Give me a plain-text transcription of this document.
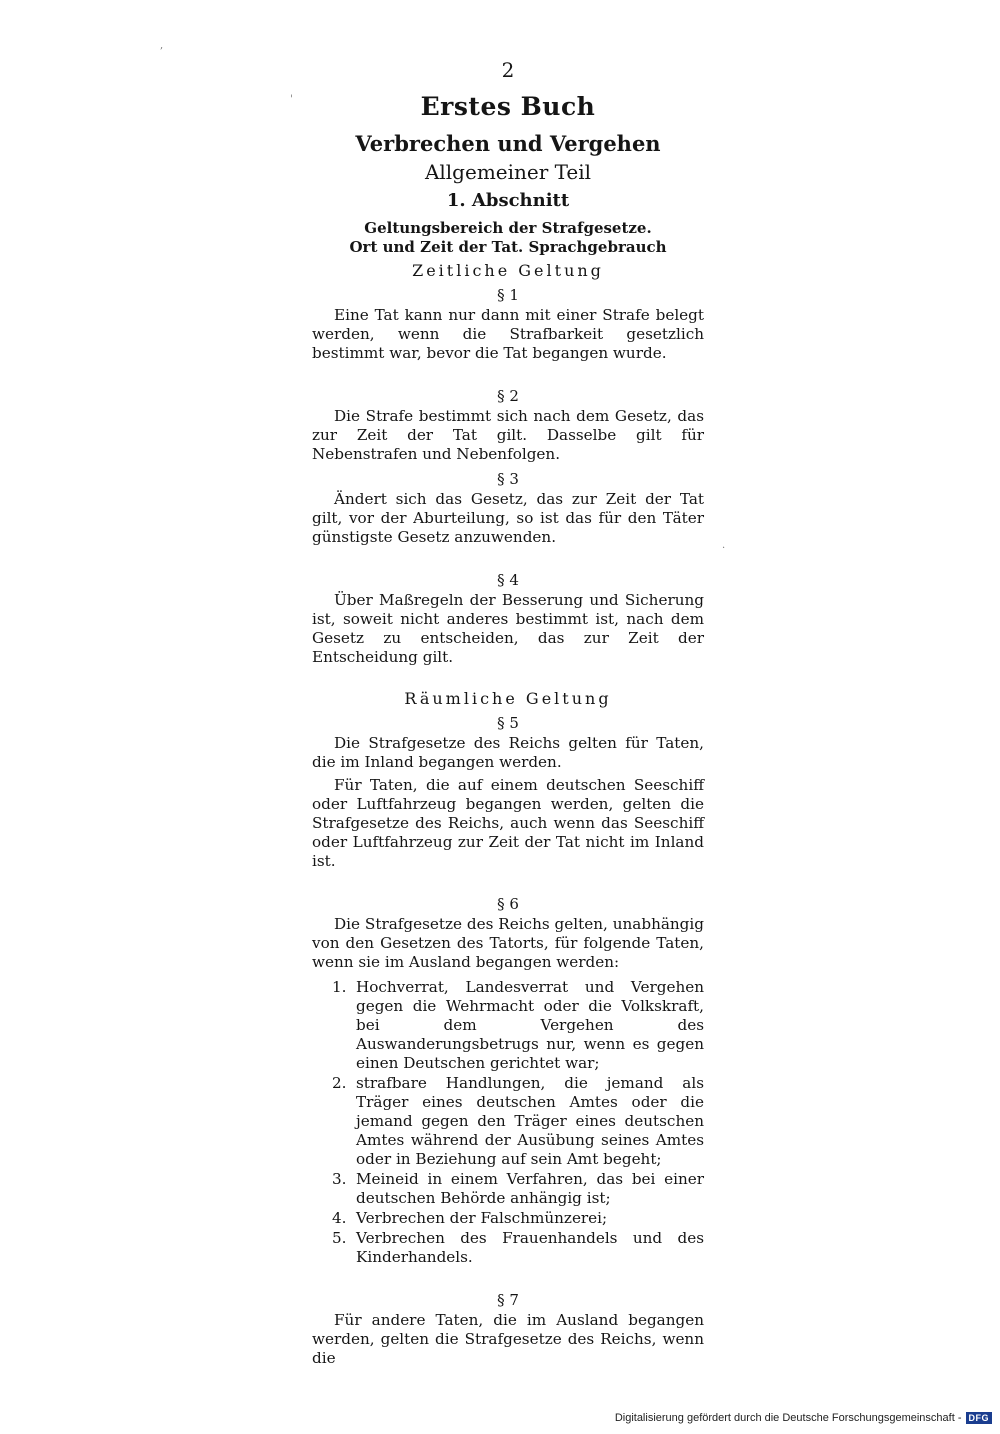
,
'
.
2
Erstes Buch
Verbrechen und Vergehen
Allgemeiner Teil
1. Abschnitt
Geltungsbereich der Strafgesetze.
Ort und Zeit der Tat. Sprachgebrauch
Zeitliche Geltung
§ 1

Eine Tat kann nur dann mit einer Strafe belegt werden, wenn die Strafbarkeit gesetzlich bestimmt war, bevor die Tat begangen wurde.

§ 2

Die Strafe bestimmt sich nach dem Gesetz, das zur Zeit der Tat gilt. Dasselbe gilt für Nebenstrafen und Nebenfolgen.

§ 3

Ändert sich das Gesetz, das zur Zeit der Tat gilt, vor der Aburteilung, so ist das für den Täter günstigste Gesetz anzuwenden.

§ 4

Über Maßregeln der Besserung und Sicherung ist, soweit nicht anderes bestimmt ist, nach dem Gesetz zu entscheiden, das zur Zeit der Entscheidung gilt.

Räumliche Geltung
§ 5

Die Strafgesetze des Reichs gelten für Taten, die im Inland begangen werden.

Für Taten, die auf einem deutschen Seeschiff oder Luftfahrzeug begangen werden, gelten die Strafgesetze des Reichs, auch wenn das Seeschiff oder Luftfahrzeug zur Zeit der Tat nicht im Inland ist.

§ 6

Die Strafgesetze des Reichs gelten, unabhängig von den Gesetzen des Tatorts, für folgende Taten, wenn sie im Ausland begangen werden:

1. Hochverrat, Landesverrat und Vergehen gegen die Wehrmacht oder die Volkskraft, bei dem Vergehen des Auswanderungsbetrugs nur, wenn es gegen einen Deutschen gerichtet war;
2. strafbare Handlungen, die jemand als Träger eines deutschen Amtes oder die jemand gegen den Träger eines deutschen Amtes während der Ausübung seines Amtes oder in Beziehung auf sein Amt begeht;
3. Meineid in einem Verfahren, das bei einer deutschen Behörde anhängig ist;
4. Verbrechen der Falschmünzerei;
5. Verbrechen des Frauenhandels und des Kinderhandels.
§ 7

Für andere Taten, die im Ausland begangen werden, gelten die Strafgesetze des Reichs, wenn die

Digitalisierung gefördert durch die Deutsche Forschungsgemeinschaft - DFG
